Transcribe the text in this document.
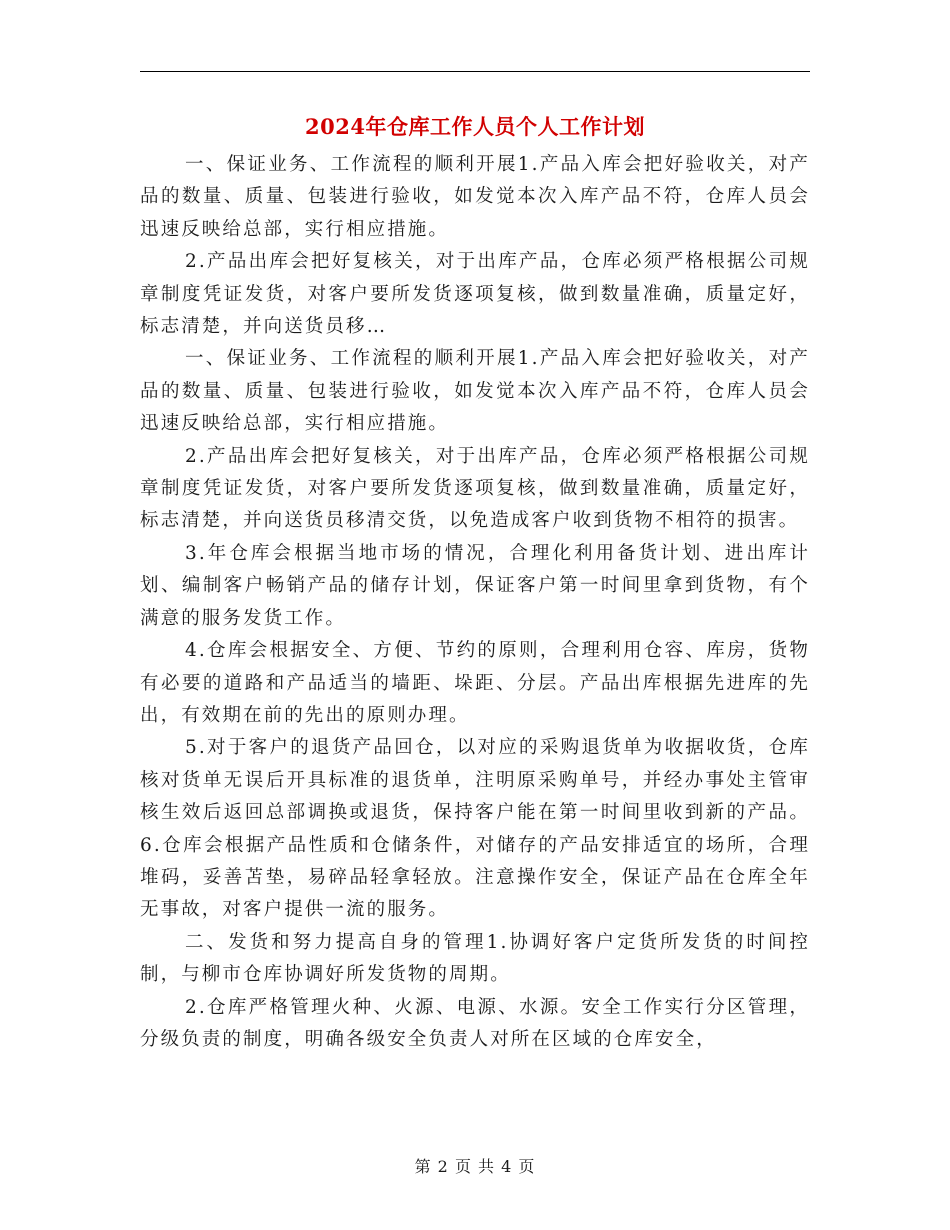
2024年仓库工作人员个人工作计划

一、保证业务、工作流程的顺利开展1.产品入库会把好验收关，对产品的数量、质量、包装进行验收，如发觉本次入库产品不符，仓库人员会迅速反映给总部，实行相应措施。

2.产品出库会把好复核关，对于出库产品，仓库必须严格根据公司规章制度凭证发货，对客户要所发货逐项复核，做到数量准确，质量定好，标志清楚，并向送货员移…

一、保证业务、工作流程的顺利开展1.产品入库会把好验收关，对产品的数量、质量、包装进行验收，如发觉本次入库产品不符，仓库人员会迅速反映给总部，实行相应措施。

2.产品出库会把好复核关，对于出库产品，仓库必须严格根据公司规章制度凭证发货，对客户要所发货逐项复核，做到数量准确，质量定好，标志清楚，并向送货员移清交货，以免造成客户收到货物不相符的损害。

3.年仓库会根据当地市场的情况，合理化利用备货计划、进出库计划、编制客户畅销产品的储存计划，保证客户第一时间里拿到货物，有个满意的服务发货工作。

4.仓库会根据安全、方便、节约的原则，合理利用仓容、库房，货物有必要的道路和产品适当的墙距、垛距、分层。产品出库根据先进库的先出，有效期在前的先出的原则办理。

5.对于客户的退货产品回仓，以对应的采购退货单为收据收货，仓库核对货单无误后开具标准的退货单，注明原采购单号，并经办事处主管审核生效后返回总部调换或退货，保持客户能在第一时间里收到新的产品。6.仓库会根据产品性质和仓储条件，对储存的产品安排适宜的场所，合理堆码，妥善苫垫，易碎品轻拿轻放。注意操作安全，保证产品在仓库全年无事故，对客户提供一流的服务。

二、发货和努力提高自身的管理1.协调好客户定货所发货的时间控制，与柳市仓库协调好所发货物的周期。

2.仓库严格管理火种、火源、电源、水源。安全工作实行分区管理，分级负责的制度，明确各级安全负责人对所在区域的仓库安全，

第 2 页 共 4 页
